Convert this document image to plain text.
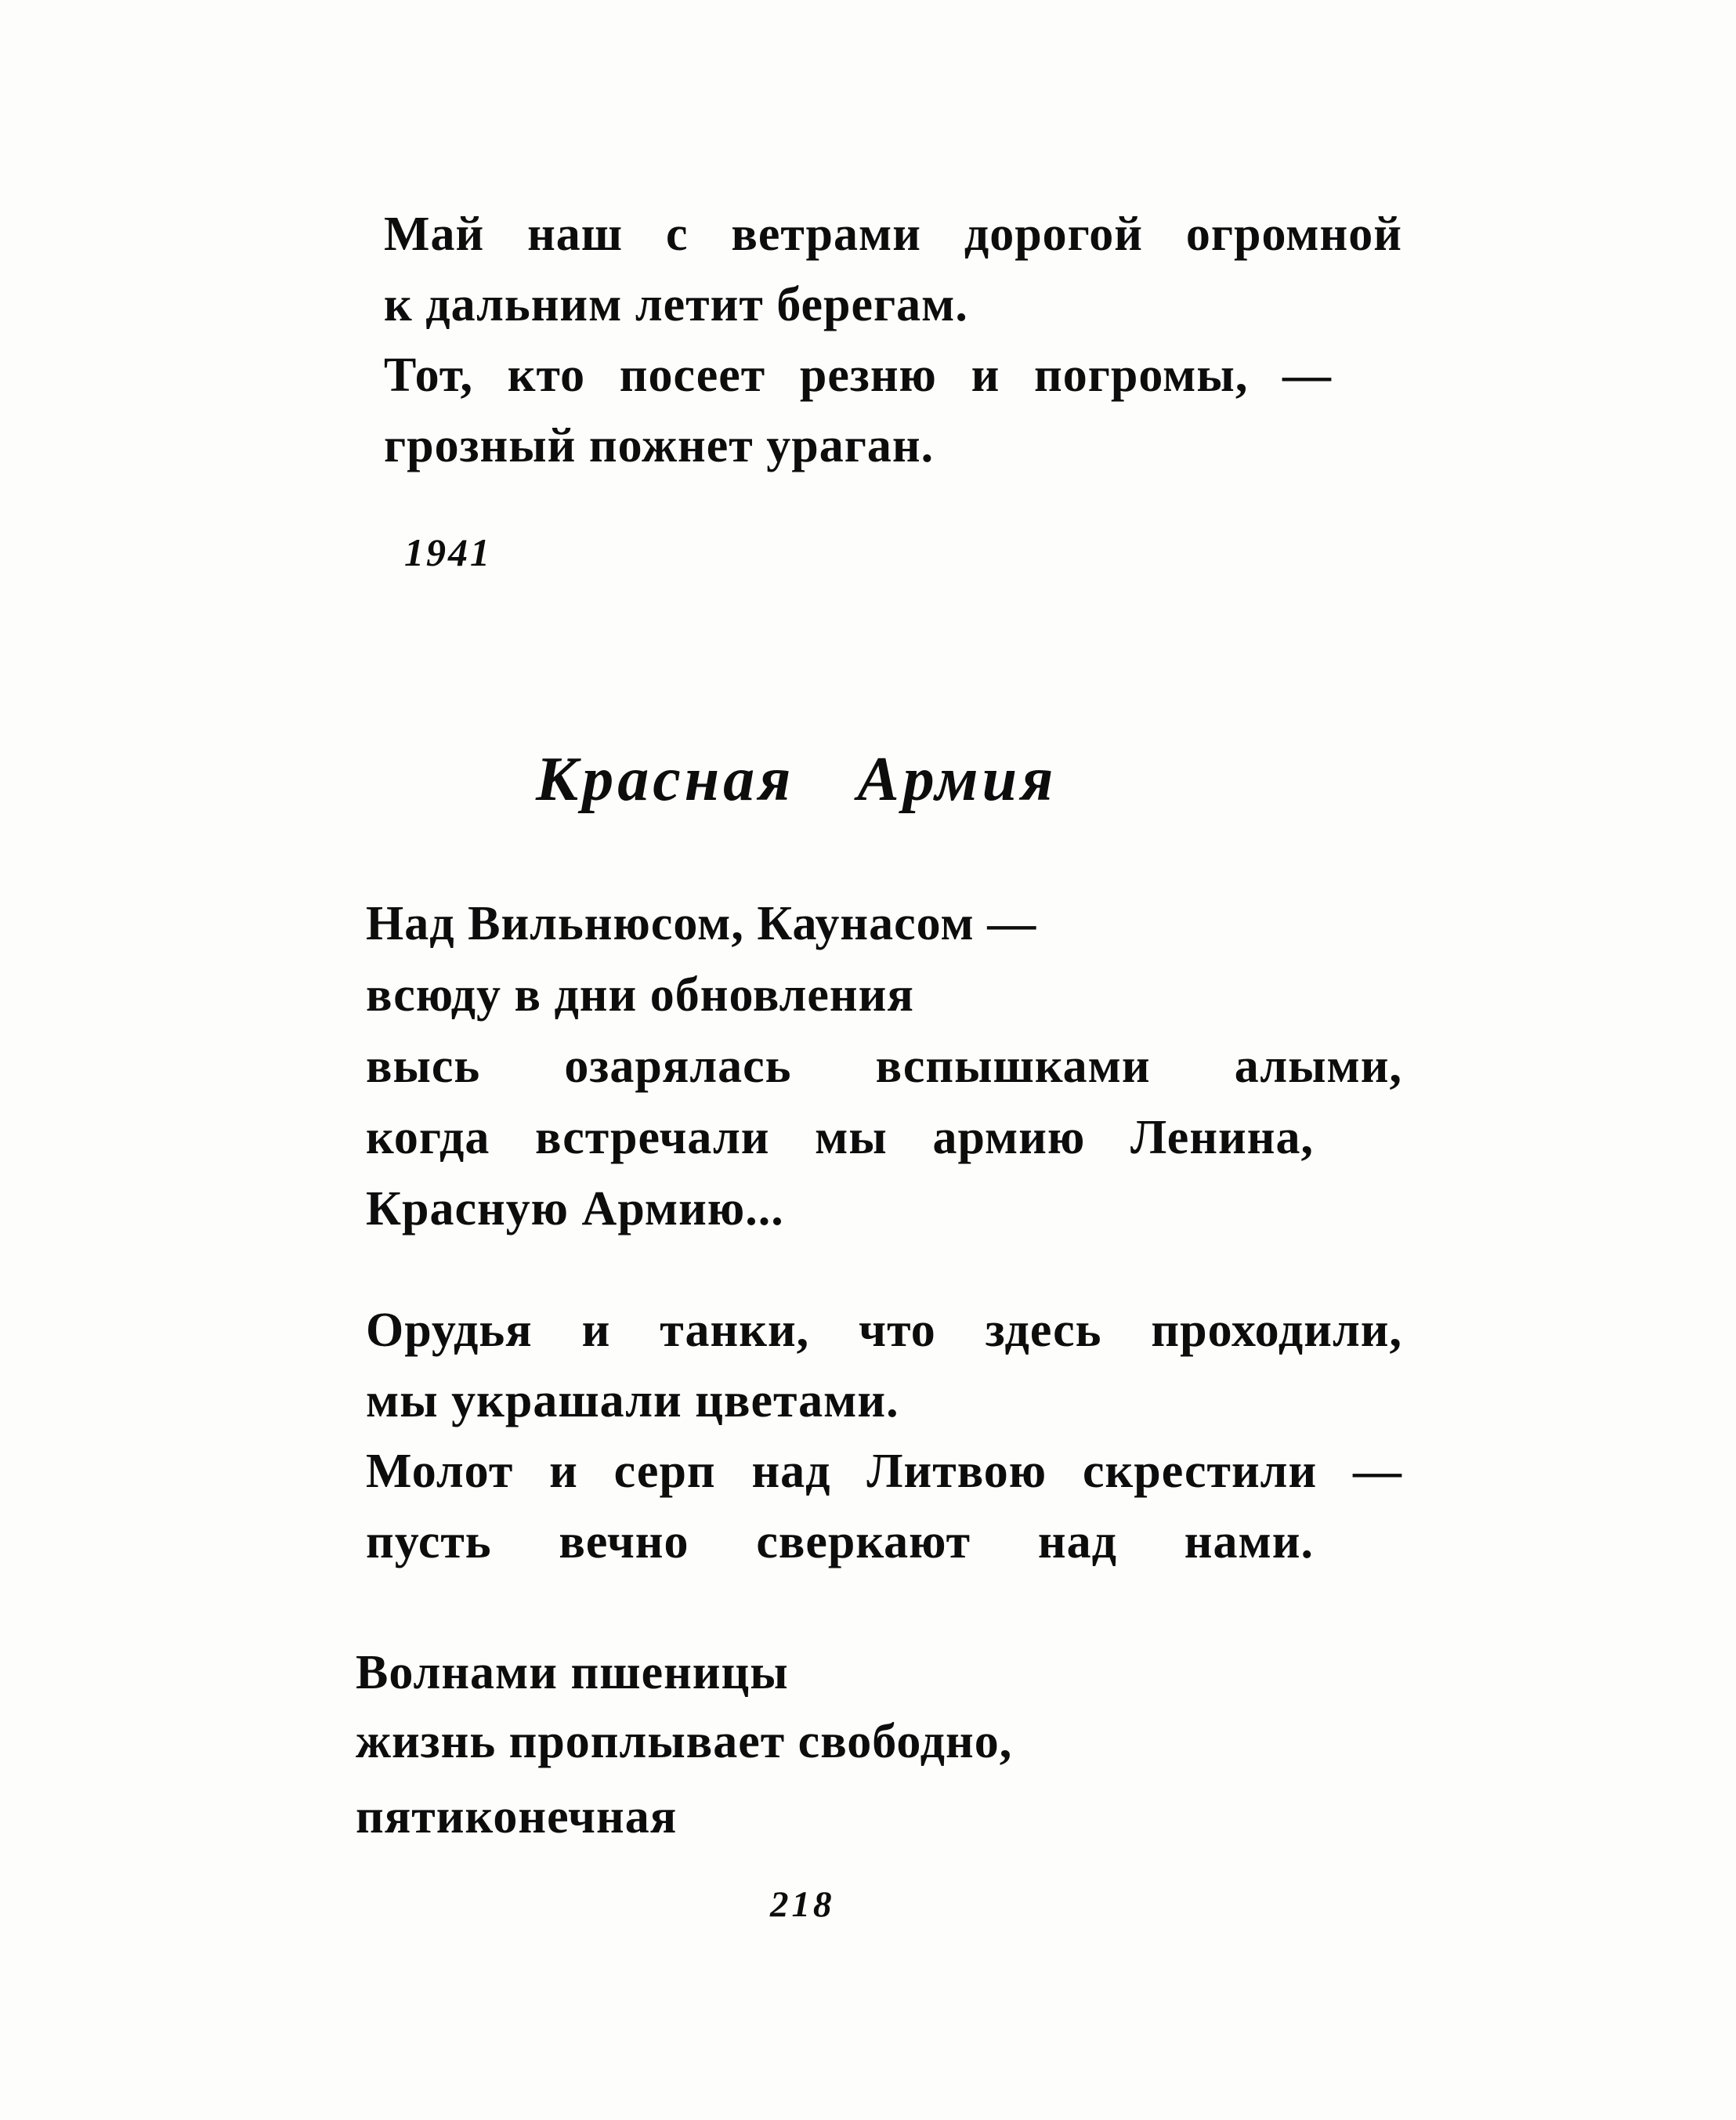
Май наш с ветрами дорогой огромной
к дальним летит берегам.
Тот, кто посеет резню и погромы, —
грозный пожнет ураган.
1941
Красная Армия
Над Вильнюсом, Каунасом —
всюду в дни обновления
высь озарялась вспышками алыми,
когда встречали мы армию Ленина,
Красную Армию...
Орудья и танки, что здесь проходили,
мы украшали цветами.
Молот и серп над Литвою скрестили —
пусть вечно сверкают над нами.
Волнами пшеницы
жизнь проплывает свободно,
пятиконечная
218
